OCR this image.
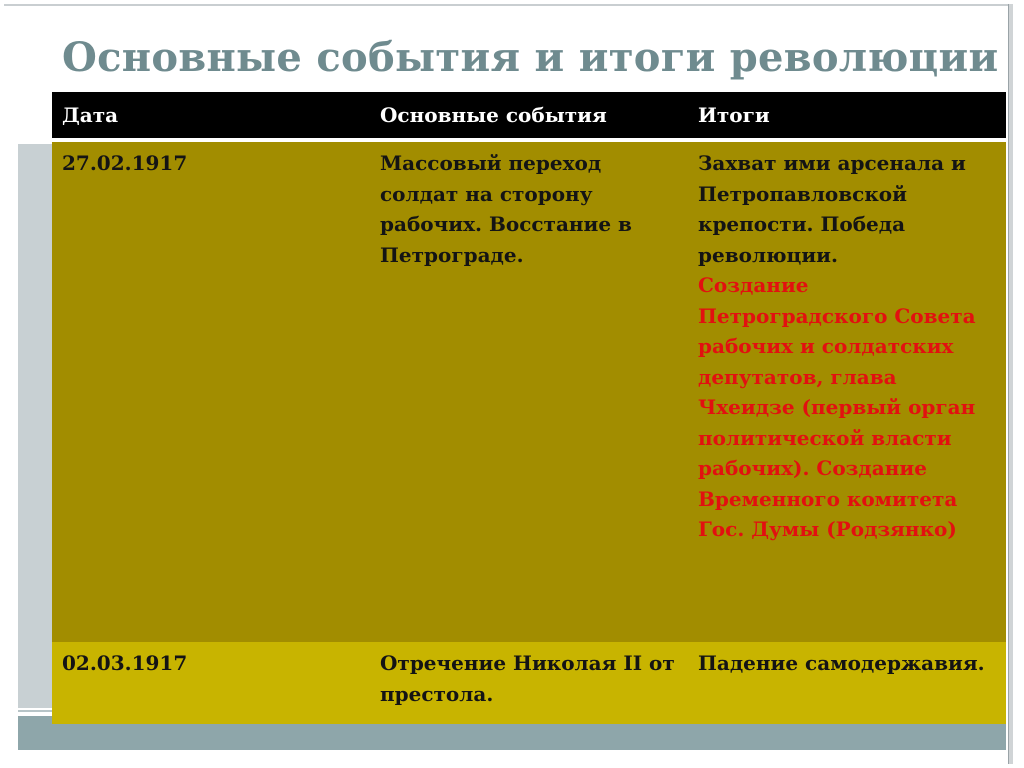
Основные события и итоги революции
Дата	Основные события	Итоги

27.02.1917	Массовый переход солдат на сторону рабочих. Восстание в Петрограде.	Захват ими арсенала и Петропавловской крепости. Победа революции.
Создание Петроградского Совета рабочих и солдатских депутатов, глава Чхеидзе (первый орган политической власти рабочих). Создание Временного комитета Гос. Думы (Родзянко)

02.03.1917	Отречение Николая II от престола.	Падение самодержавия.
